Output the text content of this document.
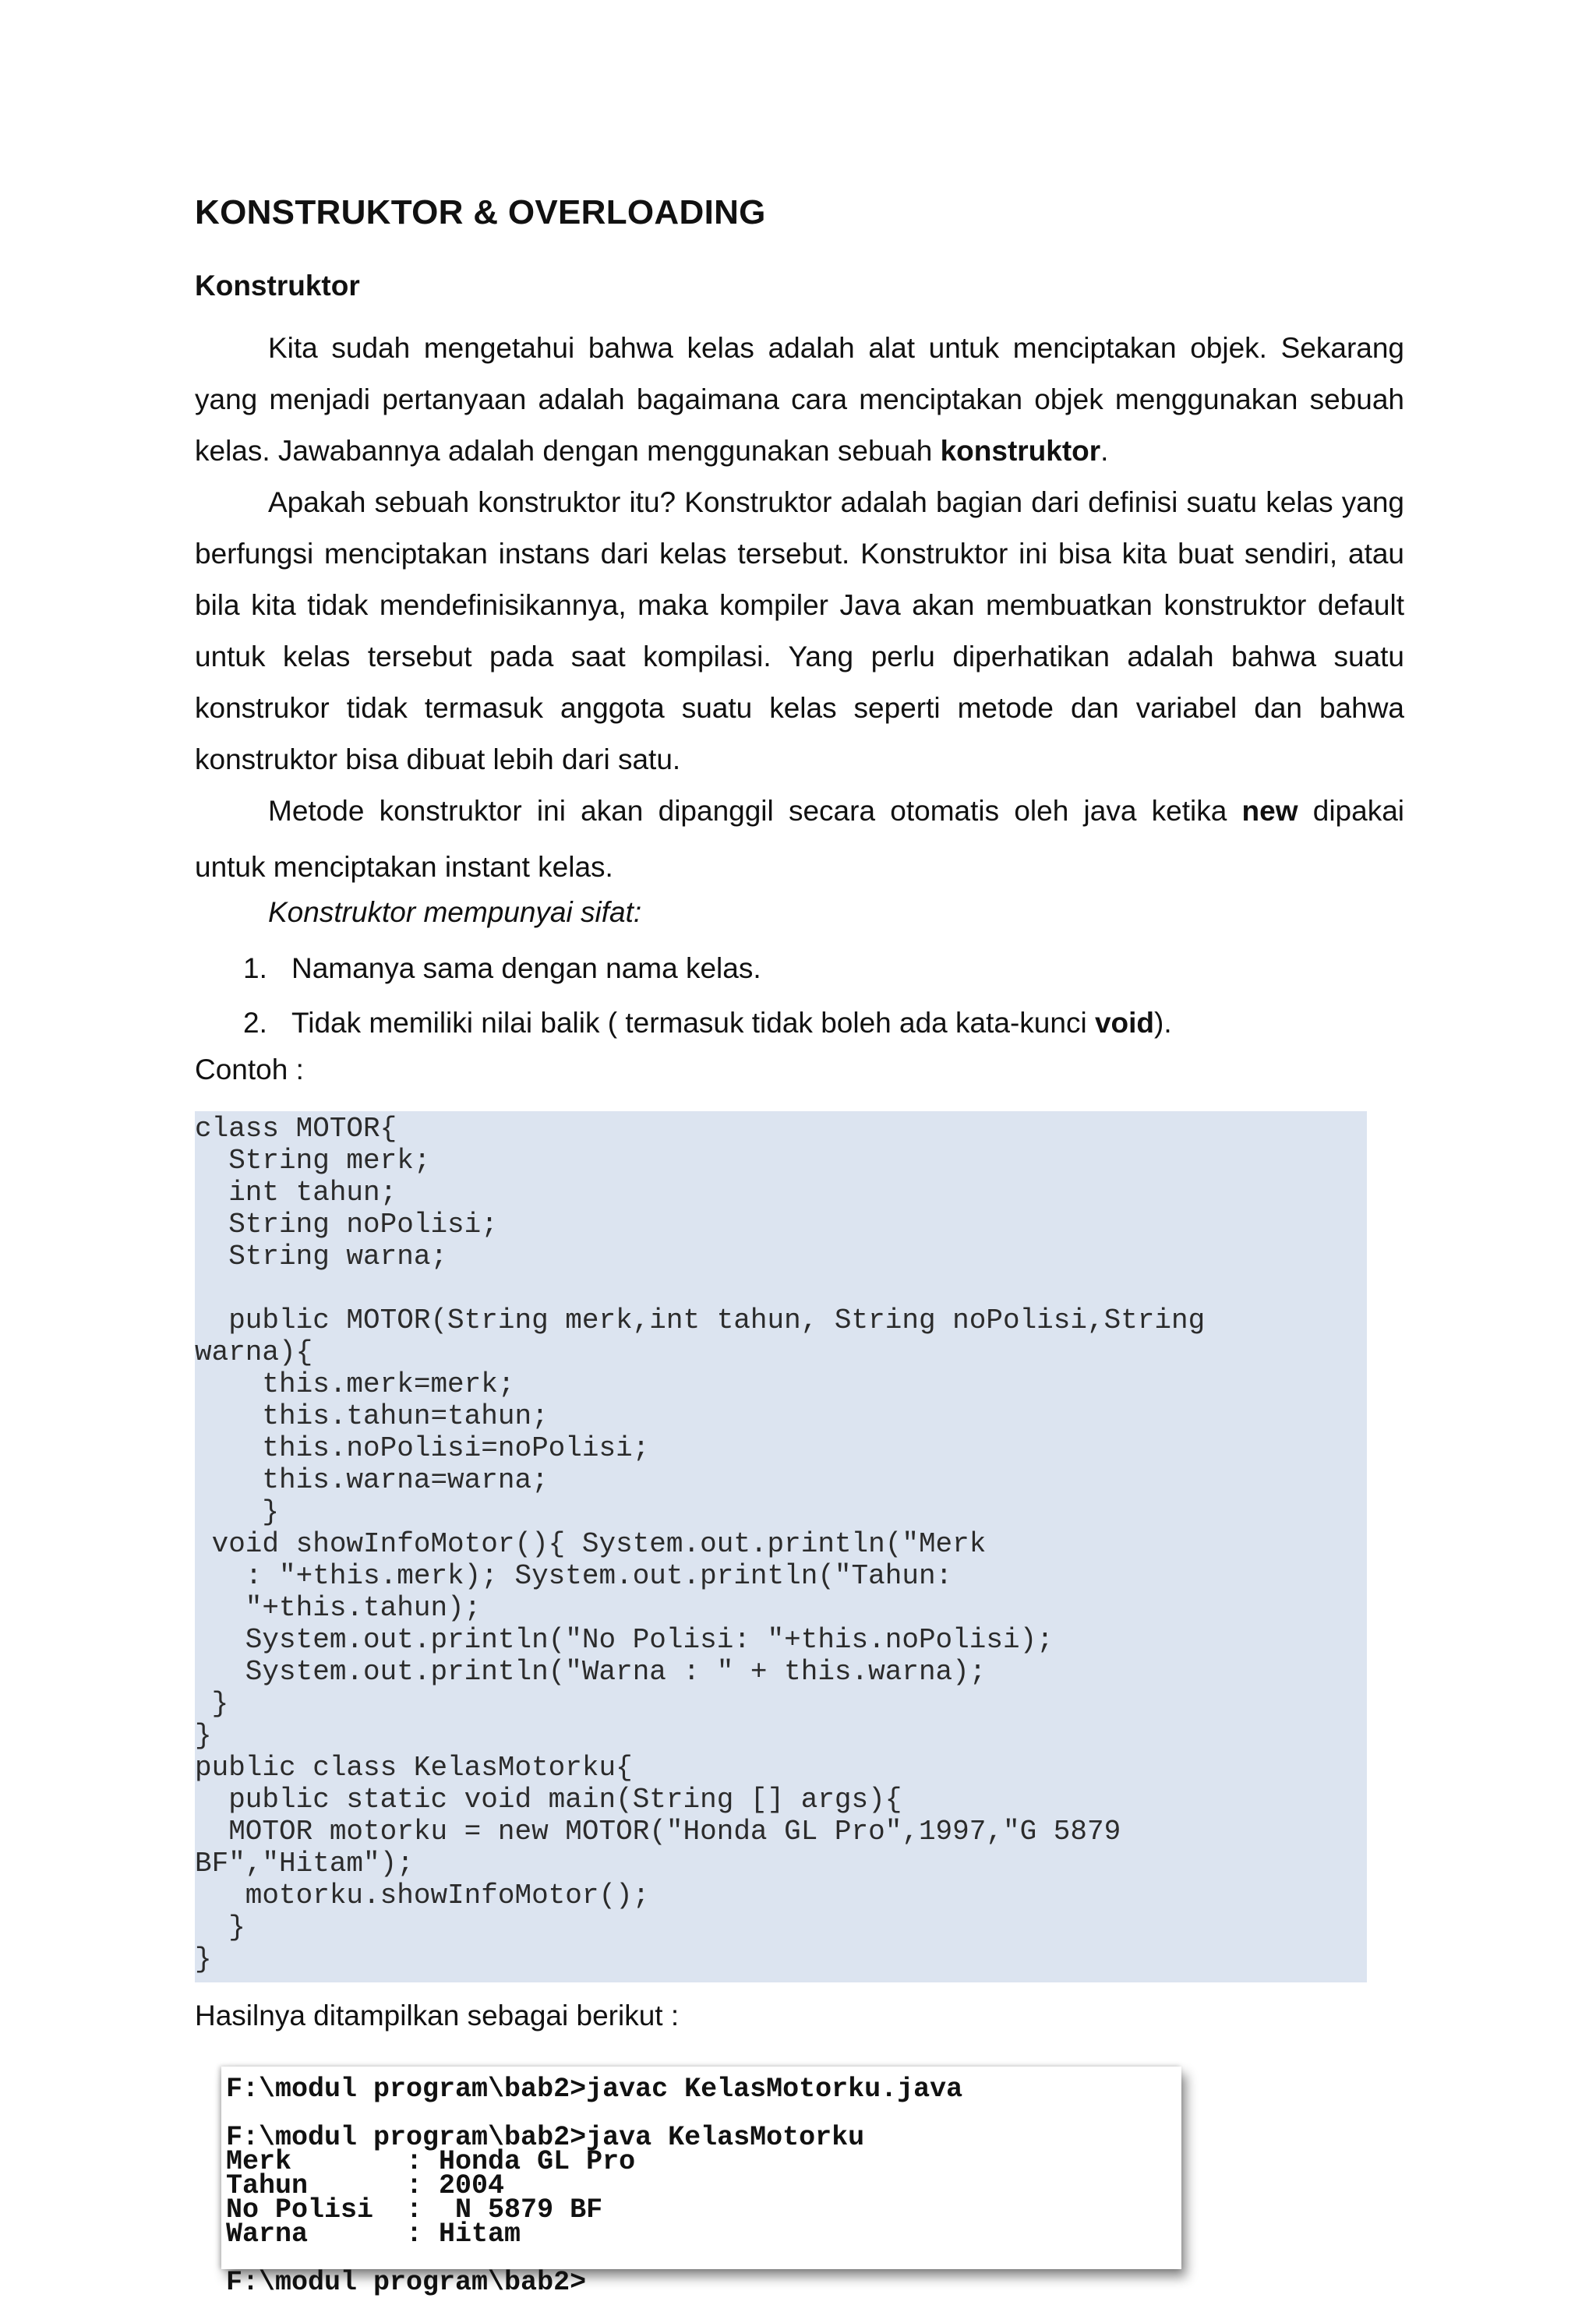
KONSTRUKTOR & OVERLOADING
Konstruktor

Kita sudah mengetahui bahwa kelas adalah alat untuk menciptakan objek. Sekarang yang menjadi pertanyaan adalah bagaimana cara menciptakan objek menggunakan sebuah kelas. Jawabannya adalah dengan menggunakan sebuah konstruktor.

Apakah sebuah konstruktor itu? Konstruktor adalah bagian dari definisi suatu kelas yang berfungsi menciptakan instans dari kelas tersebut. Konstruktor ini bisa kita buat sendiri, atau bila kita tidak mendefinisikannya, maka kompiler Java akan membuatkan konstruktor default untuk kelas tersebut pada saat kompilasi. Yang perlu diperhatikan adalah bahwa suatu konstrukor tidak termasuk anggota suatu kelas seperti metode dan variabel dan bahwa konstruktor bisa dibuat lebih dari satu.

Metode konstruktor ini akan dipanggil secara otomatis oleh java ketika new dipakai untuk menciptakan instant kelas.

Konstruktor mempunyai sifat:

1. Namanya sama dengan nama kelas.
2. Tidak memiliki nilai balik ( termasuk tidak boleh ada kata-kunci void).

Contoh :

class MOTOR{
String merk;
int tahun;
String noPolisi;
String warna;

public MOTOR(String merk,int tahun, String noPolisi,String
warna){
this.merk=merk;
this.tahun=tahun;
this.noPolisi=noPolisi;
this.warna=warna;
}
void showInfoMotor(){ System.out.println("Merk
: "+this.merk); System.out.println("Tahun:
"+this.tahun);
System.out.println("No Polisi: "+this.noPolisi);
System.out.println("Warna : " + this.warna);
}
}
public class KelasMotorku{
public static void main(String [] args){
MOTOR motorku = new MOTOR("Honda GL Pro",1997,"G 5879
BF","Hitam");
motorku.showInfoMotor();
}
}

Hasilnya ditampilkan sebagai berikut :

F:\modul program\bab2>javac KelasMotorku.java

F:\modul program\bab2>java KelasMotorku
Merk       : Honda GL Pro
Tahun      : 2004
No Polisi  :  N 5879 BF
Warna      : Hitam

F:\modul program\bab2>
